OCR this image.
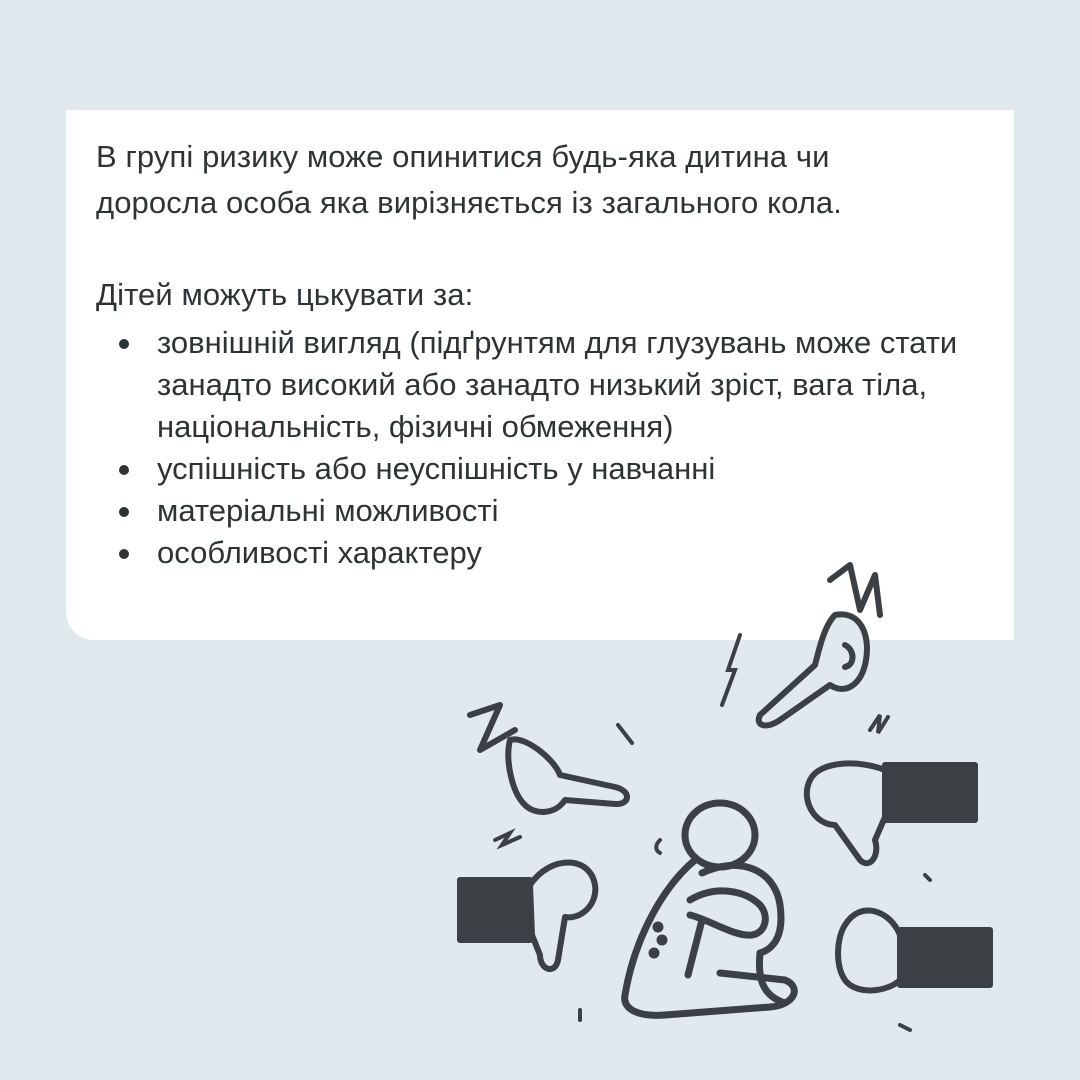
В групі ризику може опинитися будь-яка дитина чи
доросла особа яка вирізняється із загального кола.

Дітей можуть цькувати за:

зовнішній вигляд (підґрунтям для глузувань може стати занадто високий або занадто низький зріст, вага тіла, національність, фізичні обмеження)
успішність або неуспішність у навчанні
матеріальні можливості
особливості характеру
